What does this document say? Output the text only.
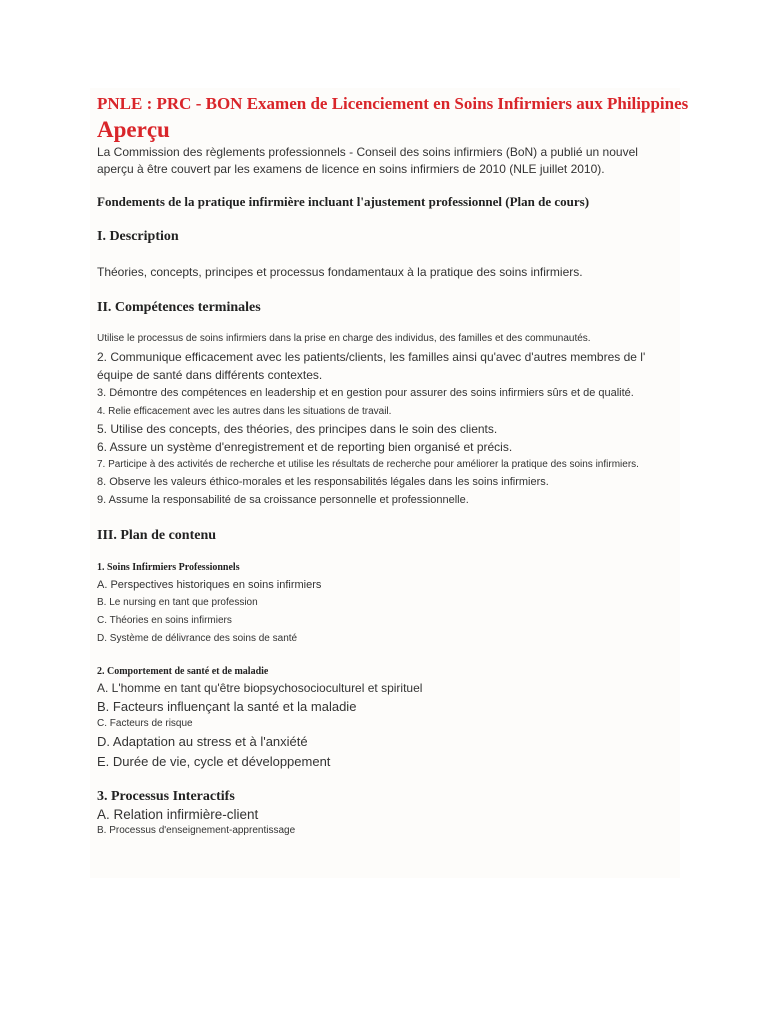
PNLE : PRC - BON Examen de Licenciement en Soins Infirmiers aux Philippines
Aperçu

La Commission des règlements professionnels - Conseil des soins infirmiers (BoN) a publié un nouvel aperçu à être couvert par les examens de licence en soins infirmiers de 2010 (NLE juillet 2010).

Fondements de la pratique infirmière incluant l'ajustement professionnel (Plan de cours)

I. Description

Théories, concepts, principes et processus fondamentaux à la pratique des soins infirmiers.

II. Compétences terminales

Utilise le processus de soins infirmiers dans la prise en charge des individus, des familles et des communautés.

2. Communique efficacement avec les patients/clients, les familles ainsi qu'avec d'autres membres de l' équipe de santé dans différents contextes.

3. Démontre des compétences en leadership et en gestion pour assurer des soins infirmiers sûrs et de qualité.

4. Relie efficacement avec les autres dans les situations de travail.

5. Utilise des concepts, des théories, des principes dans le soin des clients.

6. Assure un système d'enregistrement et de reporting bien organisé et précis.

7. Participe à des activités de recherche et utilise les résultats de recherche pour améliorer la pratique des soins infirmiers.

8. Observe les valeurs éthico-morales et les responsabilités légales dans les soins infirmiers.

9. Assume la responsabilité de sa croissance personnelle et professionnelle.

III. Plan de contenu

1. Soins Infirmiers Professionnels

A. Perspectives historiques en soins infirmiers

B. Le nursing en tant que profession

C. Théories en soins infirmiers

D. Système de délivrance des soins de santé

2. Comportement de santé et de maladie

A. L'homme en tant qu'être biopsychosocioculturel et spirituel

B. Facteurs influençant la santé et la maladie

C. Facteurs de risque

D. Adaptation au stress et à l'anxiété

E. Durée de vie, cycle et développement

3. Processus Interactifs

A. Relation infirmière-client

B. Processus d'enseignement-apprentissage
